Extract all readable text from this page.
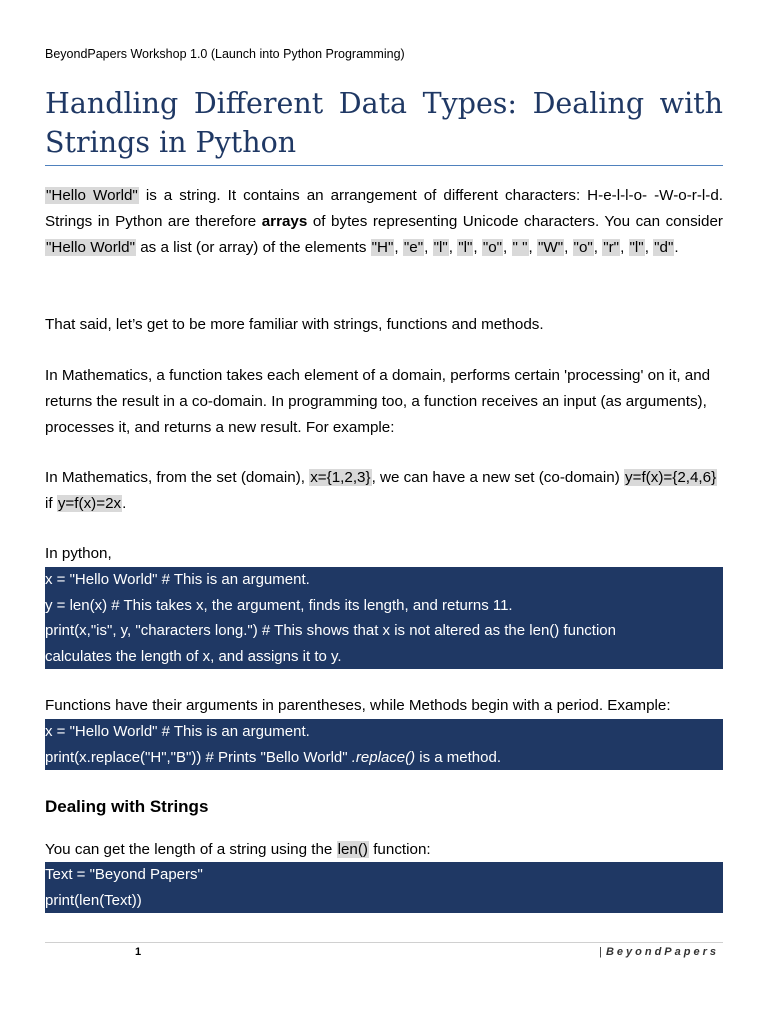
BeyondPapers Workshop 1.0 (Launch into Python Programming)
Handling Different Data Types: Dealing with Strings in Python

"Hello World" is a string. It contains an arrangement of different characters: H-e-l-l-o- -W-o-r-l-d. Strings in Python are therefore arrays of bytes representing Unicode characters. You can consider "Hello World" as a list (or array) of the elements "H", "e", "l", "l", "o", " ", "W", "o", "r", "l", "d".

That said, let’s get to be more familiar with strings, functions and methods.

In Mathematics, a function takes each element of a domain, performs certain 'processing' on it, and returns the result in a co-domain. In programming too, a function receives an input (as arguments), processes it, and returns a new result. For example:

In Mathematics, from the set (domain), x={1,2,3}, we can have a new set (co-domain) y=f(x)={2,4,6} if y=f(x)=2x.

In python,

x = "Hello World" # This is an argument.
y = len(x) # This takes x, the argument, finds its length, and returns 11.
print(x,"is", y, "characters long.") # This shows that x is not altered as the len() function
calculates the length of x, and assigns it to y.

Functions have their arguments in parentheses, while Methods begin with a period. Example:

x = "Hello World" # This is an argument.
print(x.replace("H","B")) # Prints "Bello World" .replace() is a method.
Dealing with Strings

You can get the length of a string using the len() function:

Text = "Beyond Papers"
print(len(Text))
1	| BeyondPapers
